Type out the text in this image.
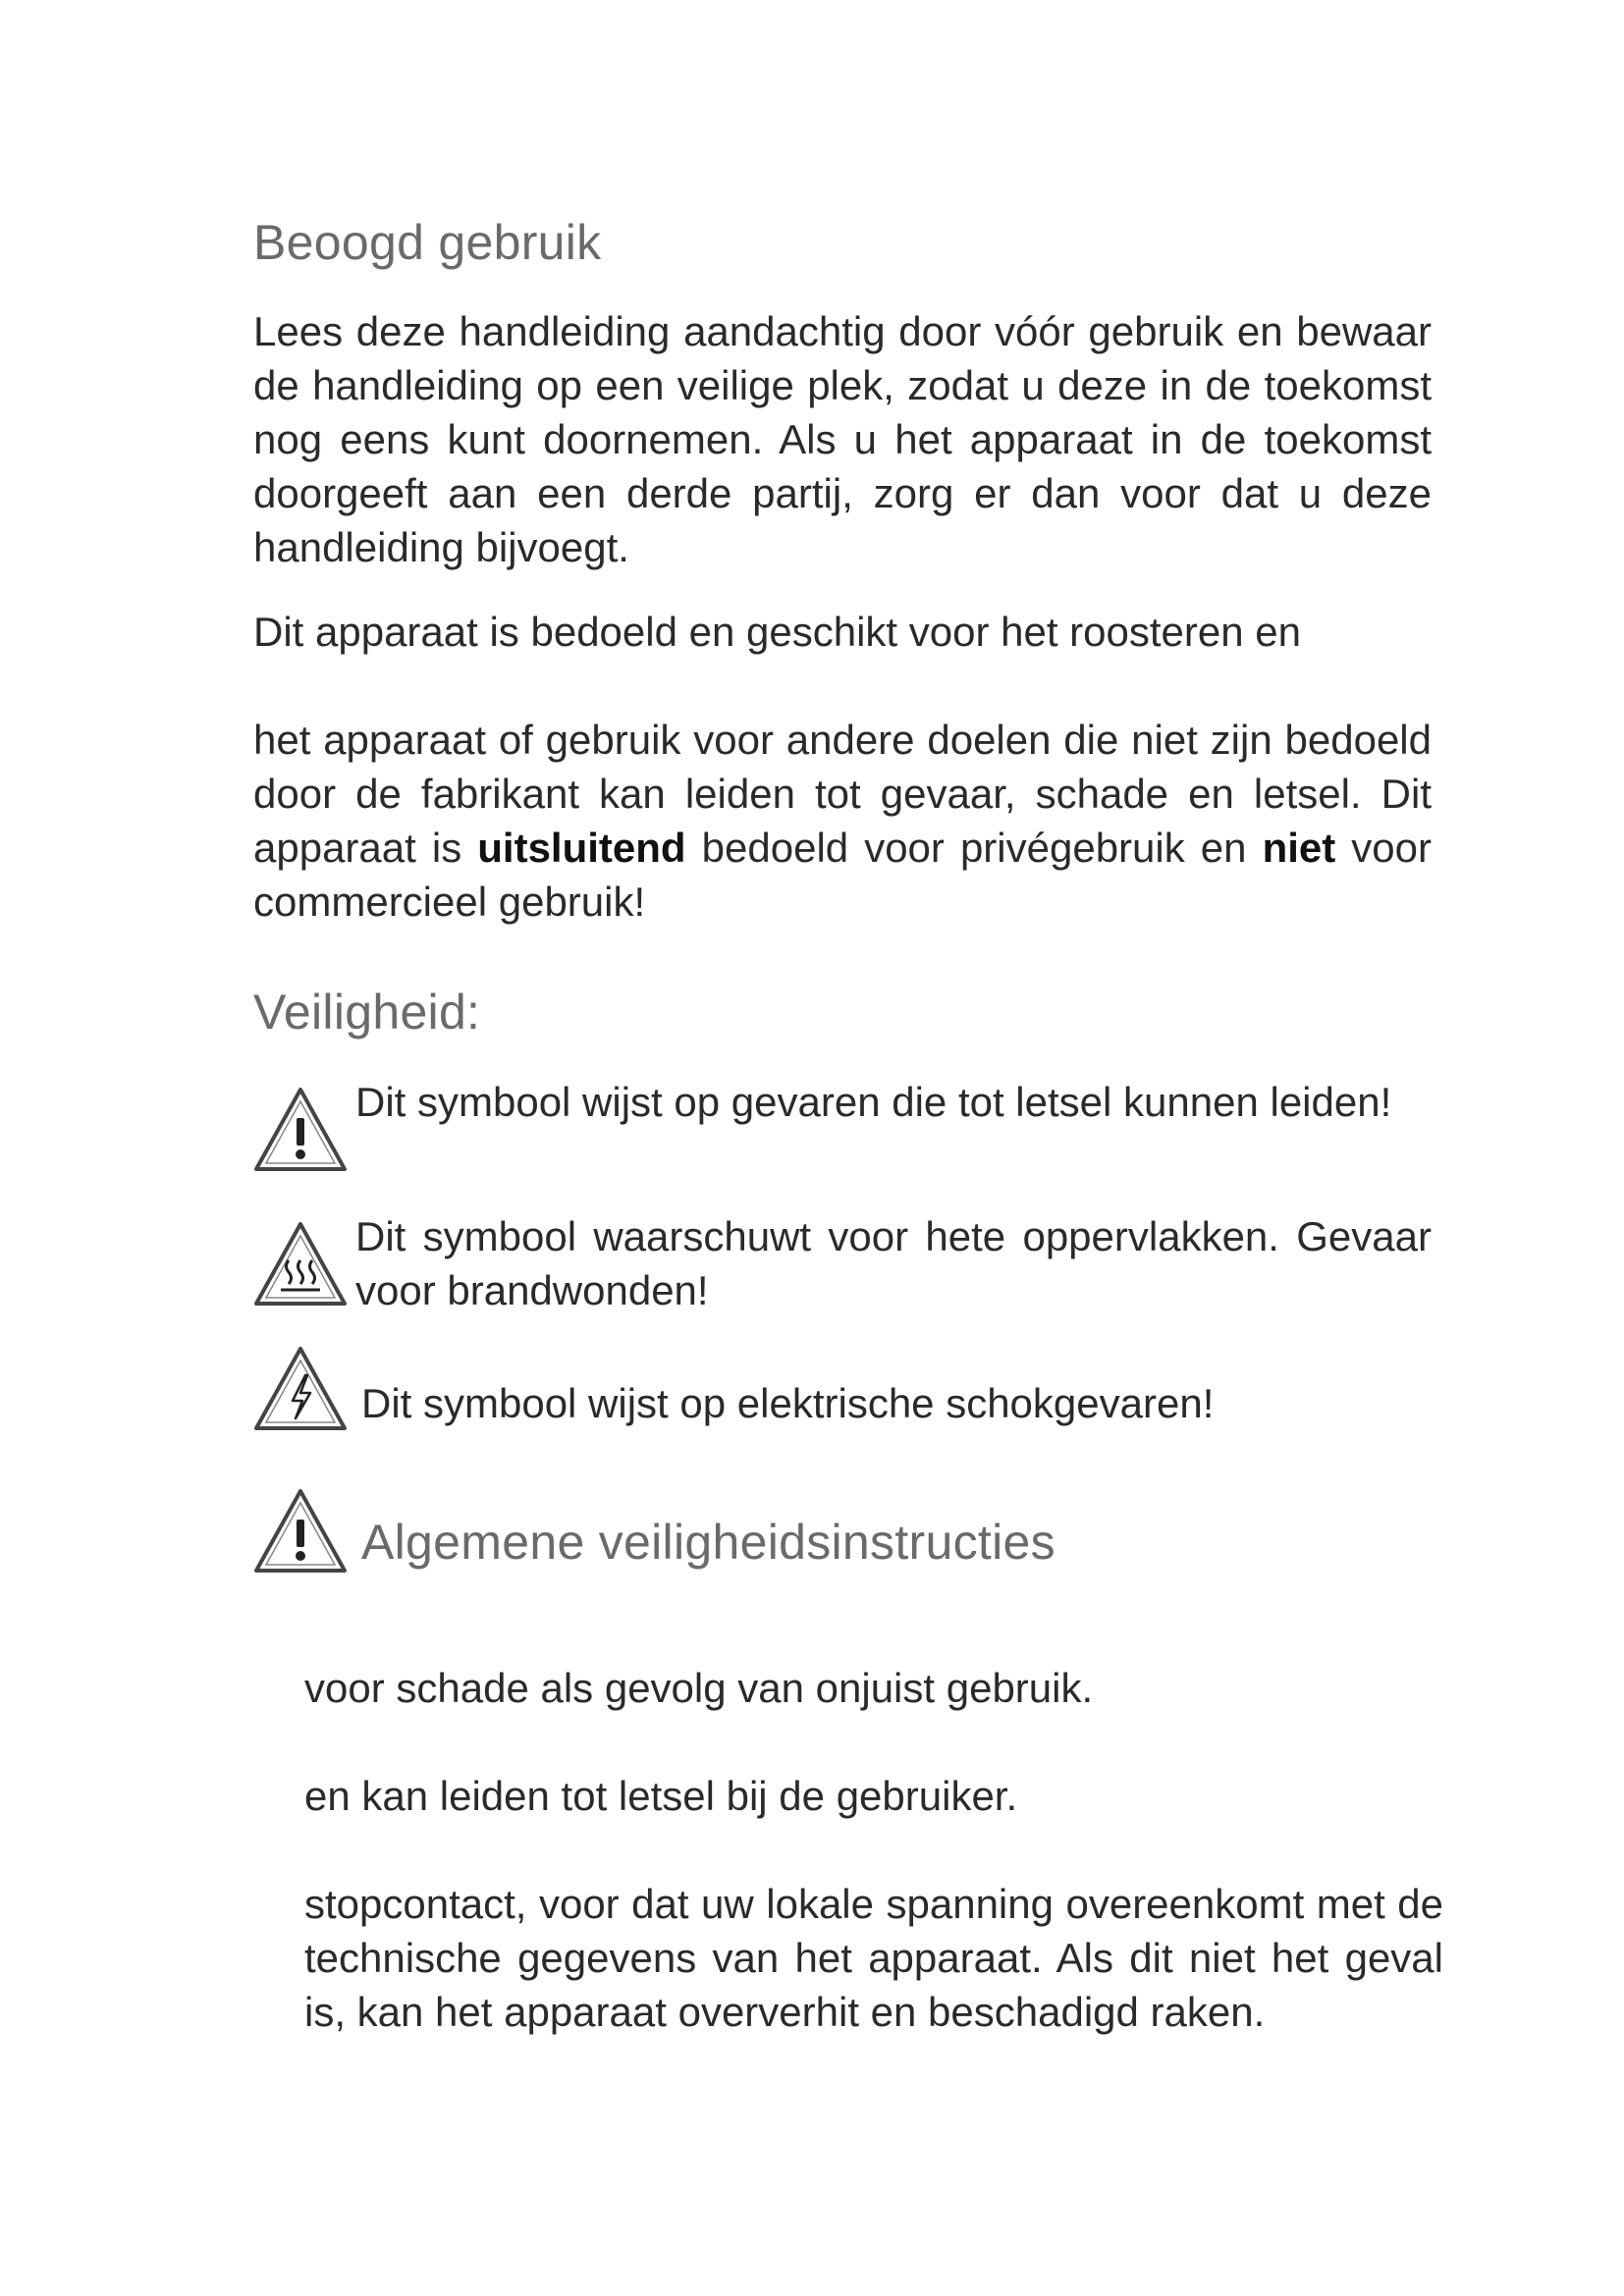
Beoogd gebruik

Lees deze handleiding aandachtig door vóór gebruik en bewaar de handleiding op een veilige plek, zodat u deze in de toekomst nog eens kunt doornemen. Als u het apparaat in de toekomst doorgeeft aan een derde partij, zorg er dan voor dat u deze handleiding bijvoegt.

Dit apparaat is bedoeld en geschikt voor het roosteren en

het apparaat of gebruik voor andere doelen die niet zijn bedoeld door de fabrikant kan leiden tot gevaar, schade en letsel. Dit apparaat is uitsluitend bedoeld voor privégebruik en niet voor commercieel gebruik!

Veiligheid:

Dit symbool wijst op gevaren die tot letsel kunnen leiden!

Dit symbool waarschuwt voor hete oppervlakken. Gevaar voor brandwonden!

Dit symbool wijst op elektrische schokgevaren!

Algemene veiligheidsinstructies

voor schade als gevolg van onjuist gebruik.

en kan leiden tot letsel bij de gebruiker.

stopcontact, voor dat uw lokale spanning overeenkomt met de technische gegevens van het apparaat. Als dit niet het geval is, kan het apparaat oververhit en beschadigd raken.
